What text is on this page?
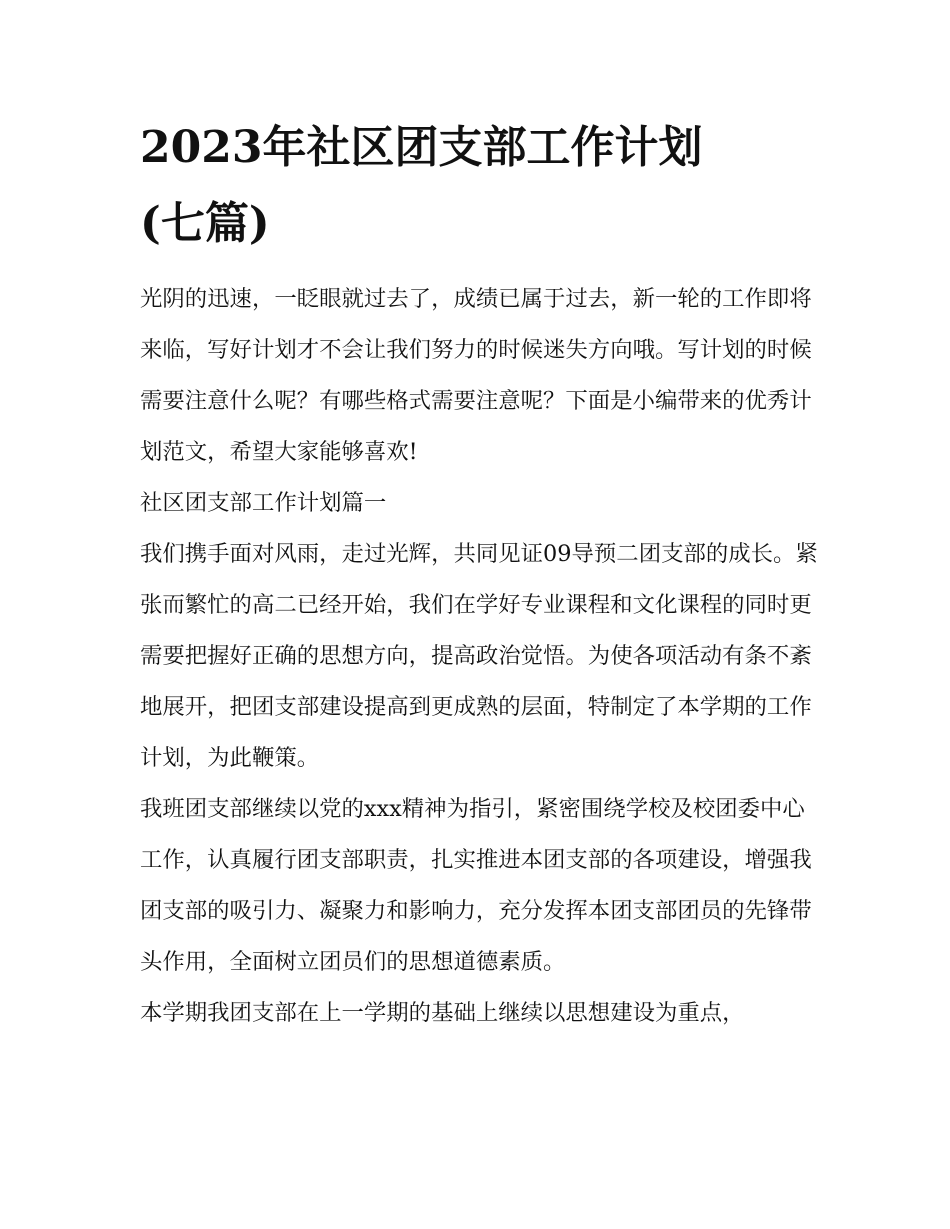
2023年社区团支部工作计划
(七篇)

光阴的迅速，一眨眼就过去了，成绩已属于过去，新一轮的工作即将来临，写好计划才不会让我们努力的时候迷失方向哦。写计划的时候需要注意什么呢？有哪些格式需要注意呢？下面是小编带来的优秀计划范文，希望大家能够喜欢!

社区团支部工作计划篇一

我们携手面对风雨，走过光辉，共同见证09导预二团支部的成长。紧张而繁忙的高二已经开始，我们在学好专业课程和文化课程的同时更需要把握好正确的思想方向，提高政治觉悟。为使各项活动有条不紊地展开，把团支部建设提高到更成熟的层面，特制定了本学期的工作计划，为此鞭策。

我班团支部继续以党的xxx精神为指引，紧密围绕学校及校团委中心工作，认真履行团支部职责，扎实推进本团支部的各项建设，增强我团支部的吸引力、凝聚力和影响力，充分发挥本团支部团员的先锋带头作用，全面树立团员们的思想道德素质。

本学期我团支部在上一学期的基础上继续以思想建设为重点，
